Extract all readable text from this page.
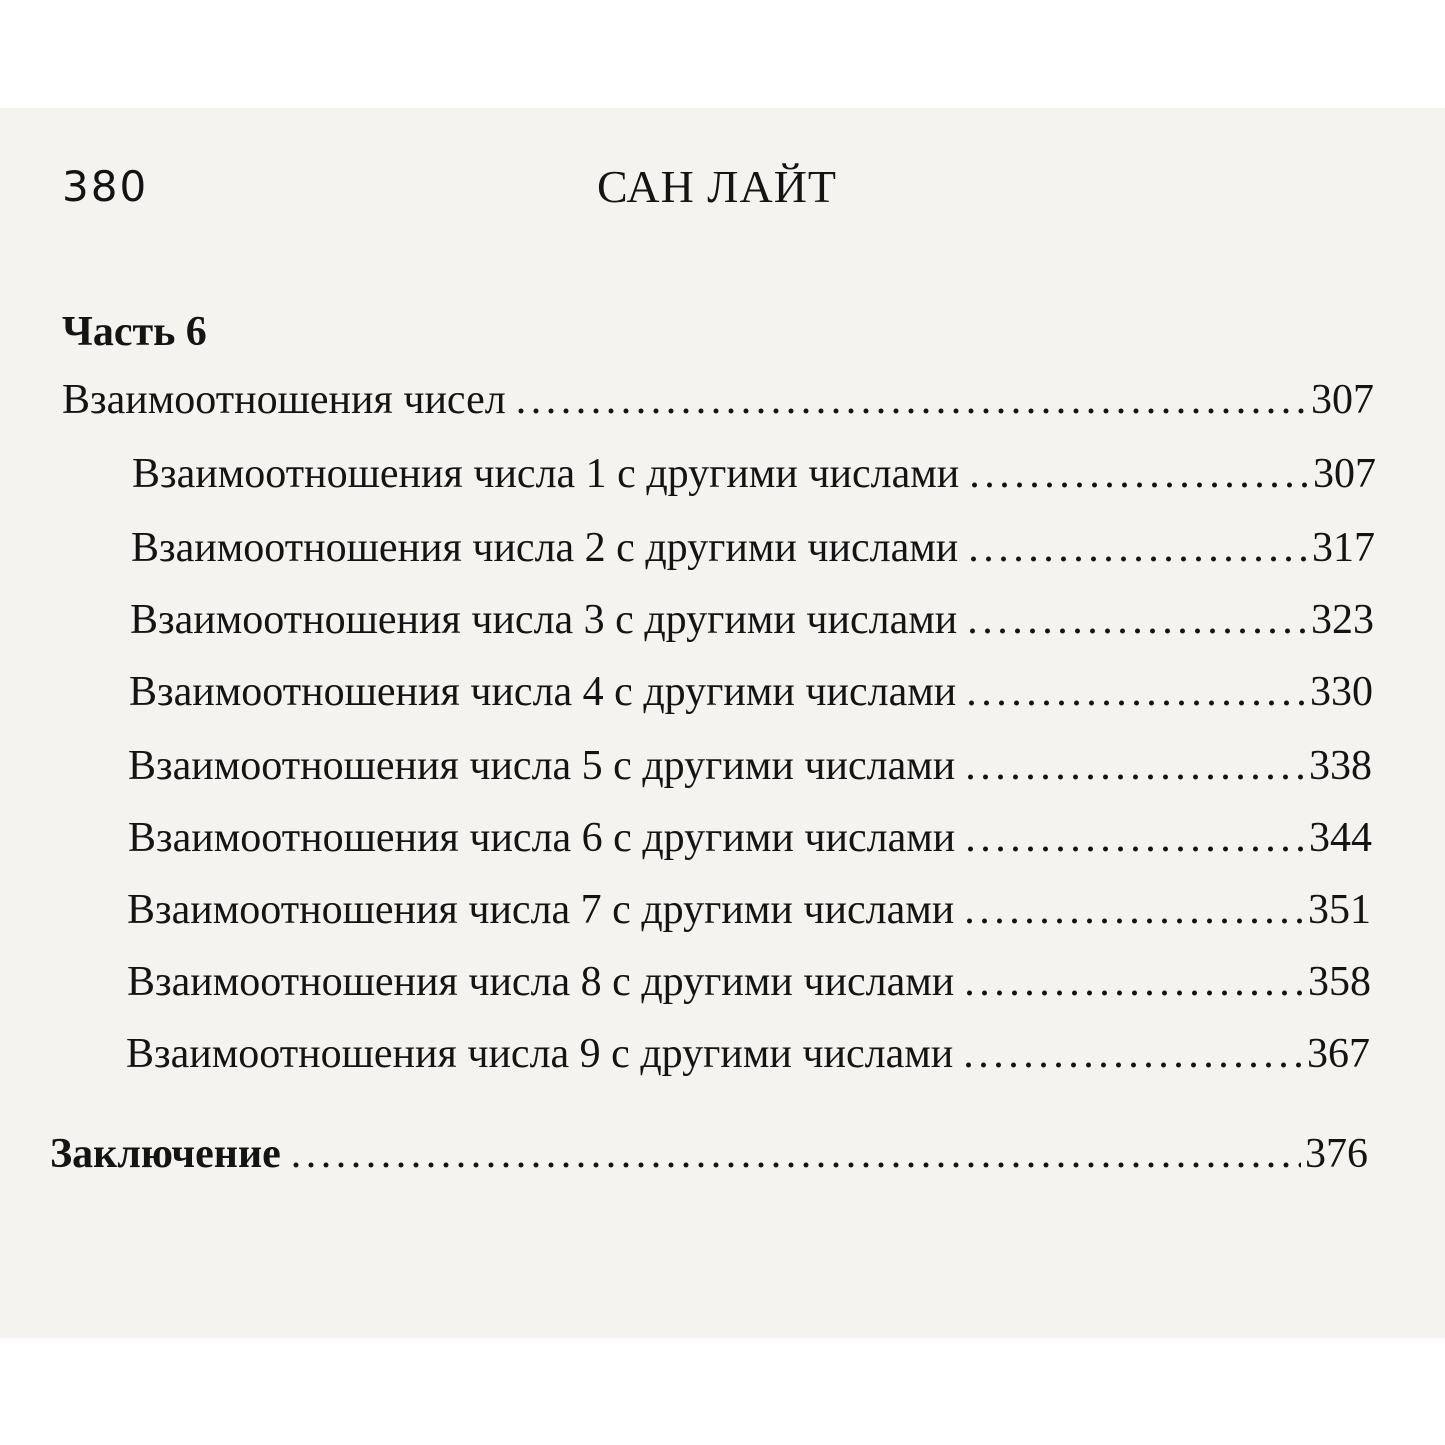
380	САН ЛАЙТ
Часть 6
Взаимоотношения чисел . . .	307
Взаимоотношения числа 1 с другими числами . . .	307
Взаимоотношения числа 2 с другими числами . . .	317
Взаимоотношения числа 3 с другими числами . . .	323
Взаимоотношения числа 4 с другими числами . . .	330
Взаимоотношения числа 5 с другими числами . . .	338
Взаимоотношения числа 6 с другими числами . . .	344
Взаимоотношения числа 7 с другими числами . . .	351
Взаимоотношения числа 8 с другими числами . . .	358
Взаимоотношения числа 9 с другими числами . . .	367
Заключение . . .	376
